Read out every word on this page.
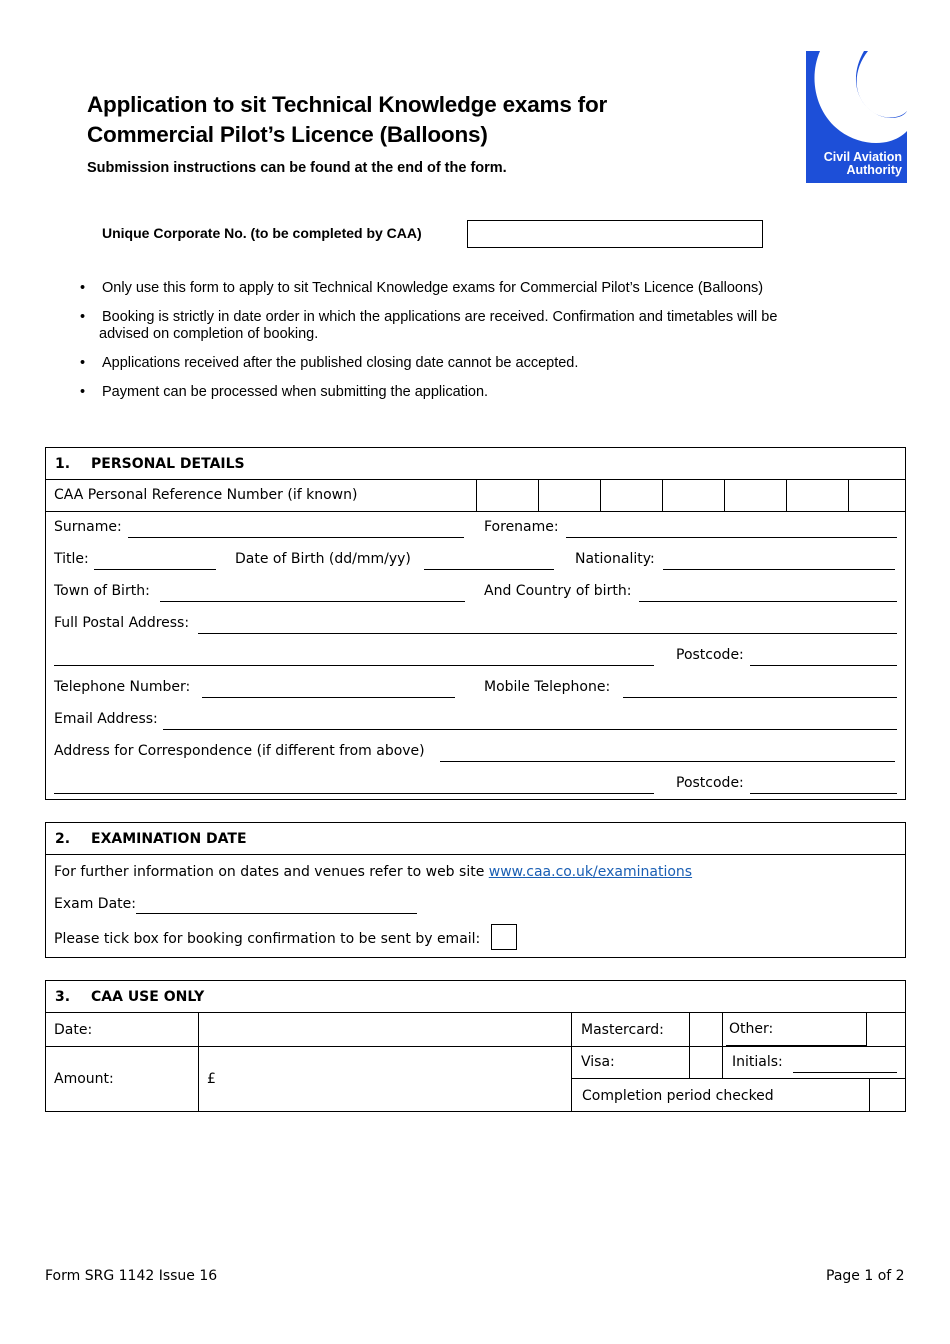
Application to sit Technical Knowledge exams for
Commercial Pilot’s Licence (Balloons)
Submission instructions can be found at the end of the form.
Civil Aviation
Authority
Unique Corporate No. (to be completed by CAA)
• Only use this form to apply to sit Technical Knowledge exams for Commercial Pilot’s Licence (Balloons)
• Booking is strictly in date order in which the applications are received. Confirmation and timetables will be
advised on completion of booking.
• Applications received after the published closing date cannot be accepted.
• Payment can be processed when submitting the application.
1.	PERSONAL DETAILS
CAA Personal Reference Number (if known)
Surname:	Forename:
Title:	Date of Birth (dd/mm/yy)	Nationality:
Town of Birth:	And Country of birth:
Full Postal Address:
Postcode:
Telephone Number:	Mobile Telephone:
Email Address:
Address for Correspondence (if different from above)
Postcode:
2.	EXAMINATION DATE
For further information on dates and venues refer to web site www.caa.co.uk/examinations
Exam Date:
Please tick box for booking confirmation to be sent by email:
3.	CAA USE ONLY
Date:	Mastercard:	Other:
Amount:	£
Visa:	Initials:
Completion period checked
Form SRG 1142 Issue 16	Page 1 of 2
